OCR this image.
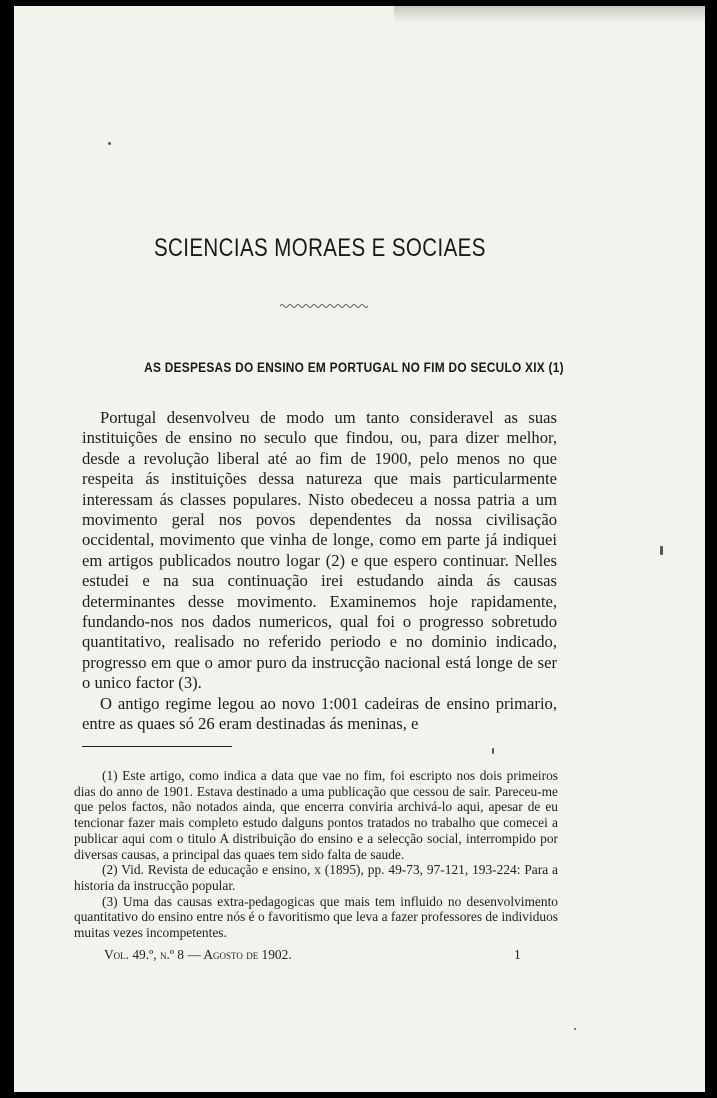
SCIENCIAS MORAES E SOCIAES
AS DESPESAS DO ENSINO EM PORTUGAL NO FIM DO SECULO XIX (1)

Portugal desenvolveu de modo um tanto consideravel as suas instituições de ensino no seculo que findou, ou, para dizer melhor, desde a revolução liberal até ao fim de 1900, pelo menos no que respeita ás instituições dessa natureza que mais particularmente interessam ás classes populares. Nisto obedeceu a nossa patria a um movimento geral nos povos dependentes da nossa civilisação occidental, movimento que vinha de longe, como em parte já indiquei em artigos publicados noutro logar (2) e que espero continuar. Nelles estudei e na sua continuação irei estudando ainda ás causas determinantes desse movimento. Examinemos hoje rapidamente, fundando-nos nos dados numericos, qual foi o progresso sobretudo quantitativo, realisado no referido periodo e no dominio indicado, progresso em que o amor puro da instrucção nacional está longe de ser o unico factor (3).

O antigo regime legou ao novo 1:001 cadeiras de ensino primario, entre as quaes só 26 eram destinadas ás meninas, e

(1) Este artigo, como indica a data que vae no fim, foi escripto nos dois primeiros dias do anno de 1901. Estava destinado a uma publicação que cessou de sair. Pareceu-me que pelos factos, não notados ainda, que encerra conviria archivá-lo aqui, apesar de eu tencionar fazer mais completo estudo dalguns pontos tratados no trabalho que comecei a publicar aqui com o titulo A distribuição do ensino e a selecção social, interrompido por diversas causas, a principal das quaes tem sido falta de saude.

(2) Vid. Revista de educação e ensino, x (1895), pp. 49-73, 97-121, 193-224: Para a historia da instrucção popular.

(3) Uma das causas extra-pedagogicas que mais tem influido no desenvolvimento quantitativo do ensino entre nós é o favoritismo que leva a fazer professores de individuos muitas vezes incompetentes.

Vol. 49.º, n.º 8 — Agosto de 1902.	1
